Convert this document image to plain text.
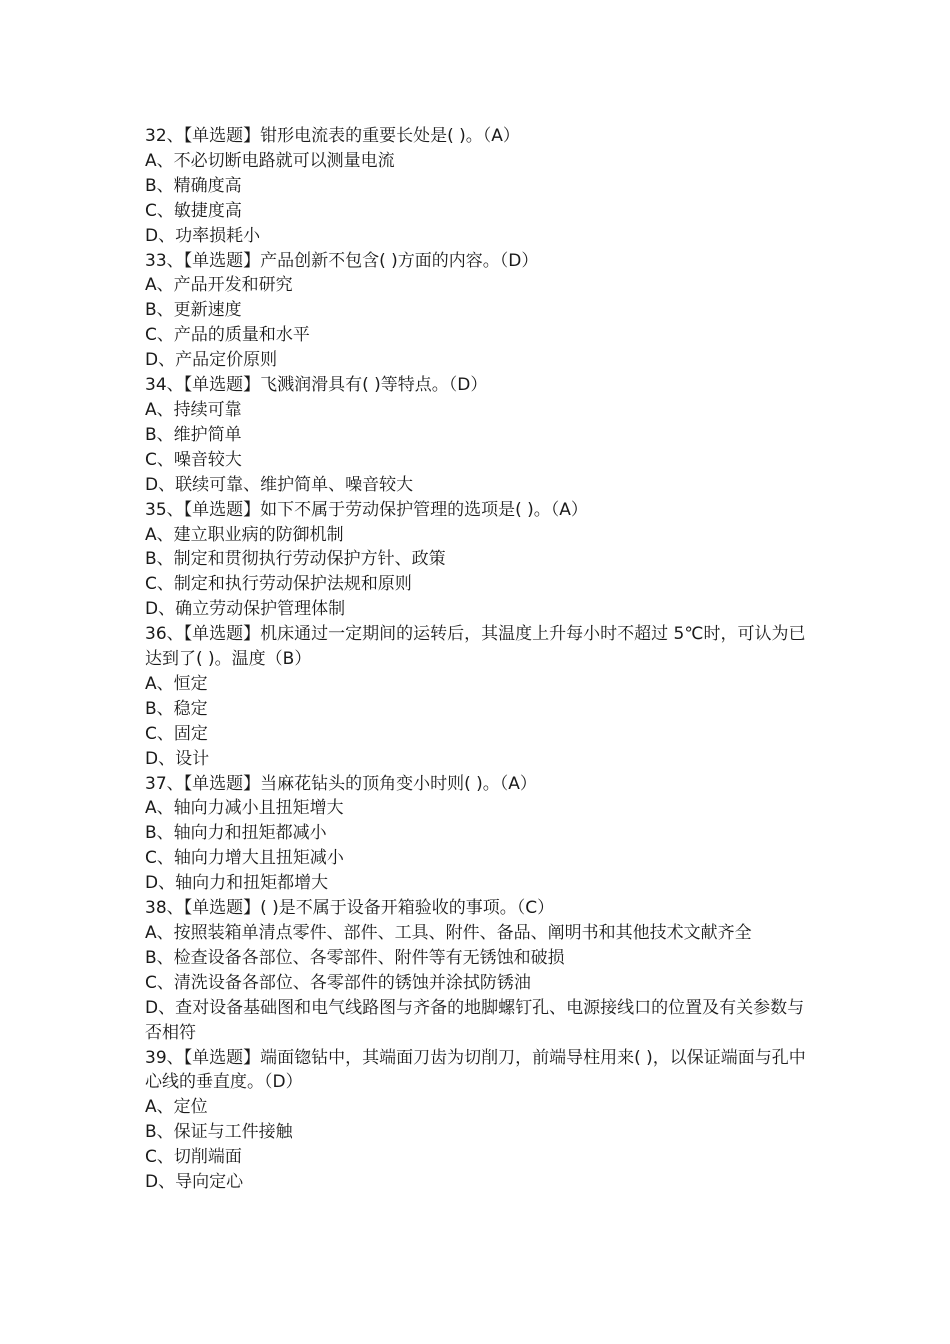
32、【单选题】钳形电流表的重要长处是( )。（A）

A、不必切断电路就可以测量电流

B、精确度高

C、敏捷度高

D、功率损耗小

33、【单选题】产品创新不包含( )方面的内容。（D）

A、产品开发和研究

B、更新速度

C、产品的质量和水平

D、产品定价原则

34、【单选题】飞溅润滑具有( )等特点。（D）

A、持续可靠

B、维护简单

C、噪音较大

D、联续可靠、维护简单、噪音较大

35、【单选题】如下不属于劳动保护管理的选项是( )。（A）

A、建立职业病的防御机制

B、制定和贯彻执行劳动保护方针、政策

C、制定和执行劳动保护法规和原则

D、确立劳动保护管理体制

36、【单选题】机床通过一定期间的运转后，其温度上升每小时不超过 5℃时，可认为已达到了( )。温度（B）

A、恒定

B、稳定

C、固定

D、设计

37、【单选题】当麻花钻头的顶角变小时则( )。（A）

A、轴向力减小且扭矩增大

B、轴向力和扭矩都减小

C、轴向力增大且扭矩减小

D、轴向力和扭矩都增大

38、【单选题】( )是不属于设备开箱验收的事项。（C）

A、按照装箱单清点零件、部件、工具、附件、备品、阐明书和其他技术文献齐全

B、检查设备各部位、各零部件、附件等有无锈蚀和破损

C、清洗设备各部位、各零部件的锈蚀并涂拭防锈油

D、查对设备基础图和电气线路图与齐备的地脚螺钉孔、电源接线口的位置及有关参数与否相符

39、【单选题】端面锪钻中，其端面刀齿为切削刀，前端导柱用来( )，以保证端面与孔中心线的垂直度。（D）

A、定位

B、保证与工件接触

C、切削端面

D、导向定心
